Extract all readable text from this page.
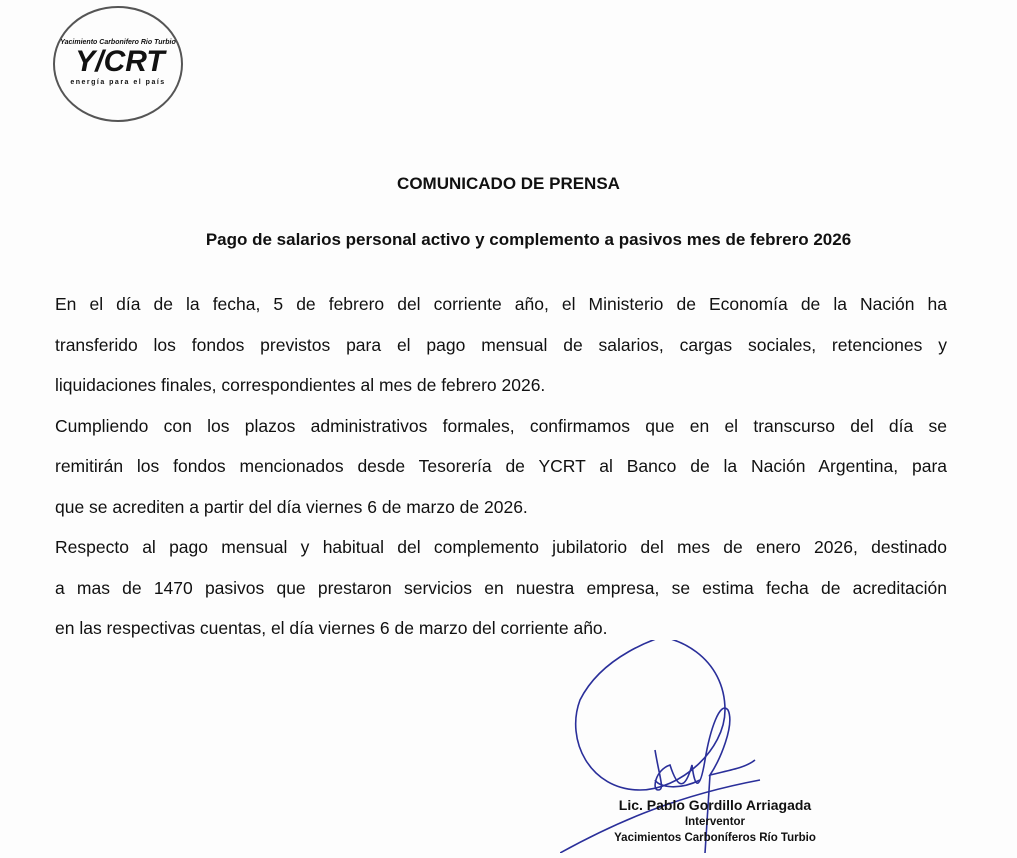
Yacimiento Carbonifero Rio Turbio
Y/CRT
energía para el país
COMUNICADO DE PRENSA
Pago de salarios personal activo y complemento a pasivos mes de febrero 2026
En el día de la fecha, 5 de febrero del corriente año, el Ministerio de Economía de la Nación ha
transferido los fondos previstos para el pago mensual de salarios, cargas sociales, retenciones y
liquidaciones finales, correspondientes al mes de febrero 2026.
Cumpliendo con los plazos administrativos formales, confirmamos que en el transcurso del día se
remitirán los fondos mencionados desde Tesorería de YCRT al Banco de la Nación Argentina, para
que se acrediten a partir del día viernes 6 de marzo de 2026.
Respecto al pago mensual y habitual del complemento jubilatorio del mes de enero 2026, destinado
a mas de 1470 pasivos que prestaron servicios en nuestra empresa, se estima fecha de acreditación
en las respectivas cuentas, el día viernes 6 de marzo del corriente año.
Lic. Pablo Gordillo Arriagada
Interventor
Yacimientos Carboníferos Río Turbio
